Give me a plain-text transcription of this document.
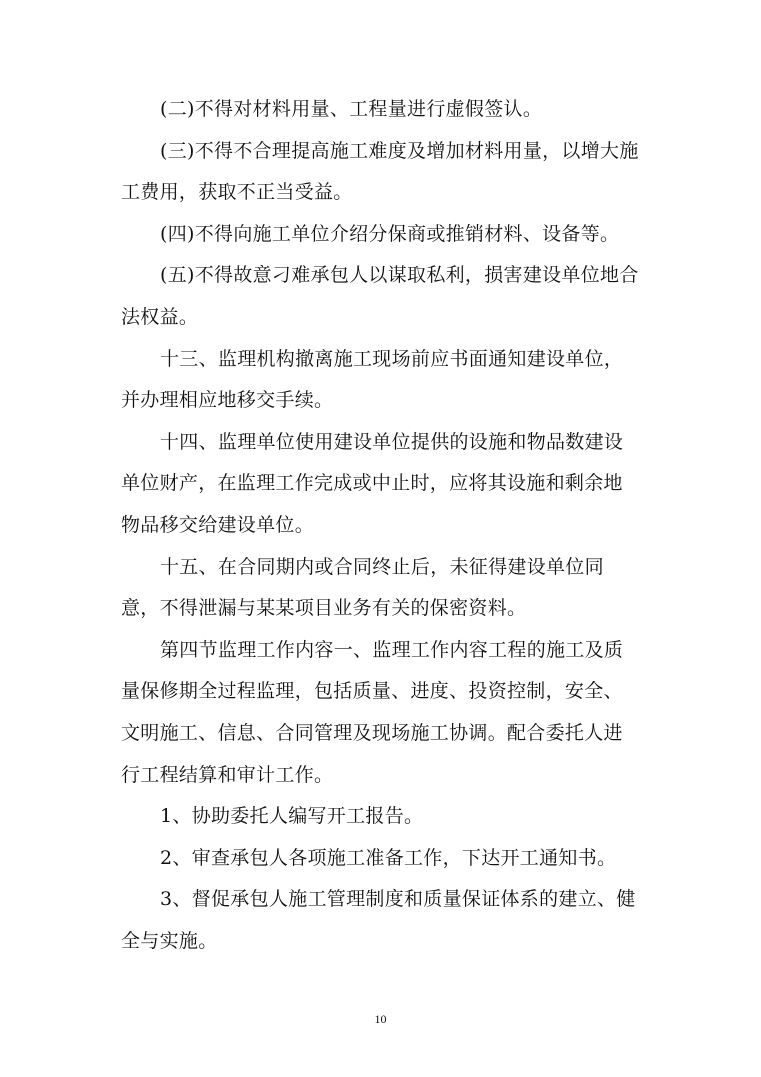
(二)不得对材料用量、工程量进行虚假签认。

(三)不得不合理提高施工难度及增加材料用量，以增大施工费用，获取不正当受益。

(四)不得向施工单位介绍分保商或推销材料、设备等。

(五)不得故意刁难承包人以谋取私利，损害建设单位地合法权益。

十三、监理机构撤离施工现场前应书面通知建设单位，并办理相应地移交手续。

十四、监理单位使用建设单位提供的设施和物品数建设单位财产，在监理工作完成或中止时，应将其设施和剩余地物品移交给建设单位。

十五、在合同期内或合同终止后，未征得建设单位同意，不得泄漏与某某项目业务有关的保密资料。

第四节监理工作内容一、监理工作内容工程的施工及质量保修期全过程监理，包括质量、进度、投资控制，安全、文明施工、信息、合同管理及现场施工协调。配合委托人进行工程结算和审计工作。

1、协助委托人编写开工报告。

2、审查承包人各项施工准备工作，下达开工通知书。

3、督促承包人施工管理制度和质量保证体系的建立、健全与实施。

10
